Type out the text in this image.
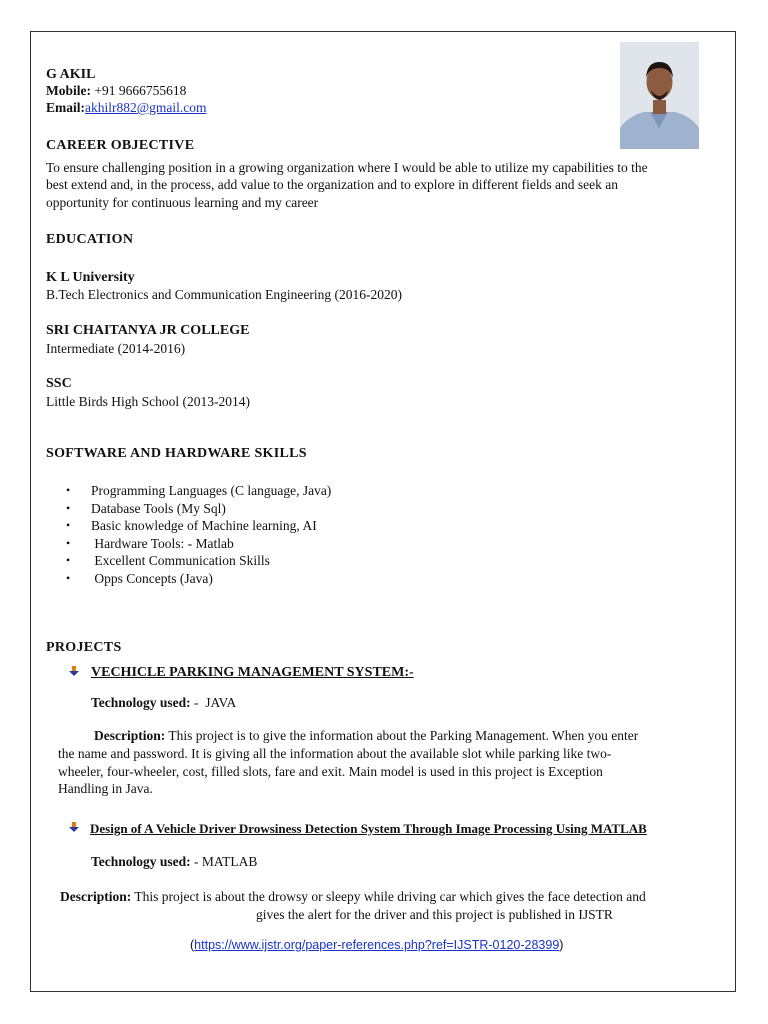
G AKIL
Mobile: +91 9666755618
Email:akhilr882@gmail.com
CAREER OBJECTIVE
To ensure challenging position in a growing organization where I would be able to utilize my capabilities to the
best extend and, in the process, add value to the organization and to explore in different fields and seek an
opportunity for continuous learning and my career
EDUCATION
K L University
B.Tech Electronics and Communication Engineering (2016-2020)
SRI CHAITANYA JR COLLEGE
Intermediate (2014-2016)
SSC
Little Birds High School (2013-2014)
SOFTWARE AND HARDWARE SKILLS
• Programming Languages (C language, Java)
• Database Tools (My Sql)
• Basic knowledge of Machine learning, AI
• Hardware Tools: - Matlab
• Excellent Communication Skills
• Opps Concepts (Java)
PROJECTS
VECHICLE PARKING MANAGEMENT SYSTEM:-
Technology used: -  JAVA
Description: This project is to give the information about the Parking Management. When you enter
the name and password. It is giving all the information about the available slot while parking like two-
wheeler, four-wheeler, cost, filled slots, fare and exit. Main model is used in this project is Exception
Handling in Java.
Design of A Vehicle Driver Drowsiness Detection System Through Image Processing Using MATLAB
Technology used: - MATLAB
Description: This project is about the drowsy or sleepy while driving car which gives the face detection and
gives the alert for the driver and this project is published in IJSTR
(https://www.ijstr.org/paper-references.php?ref=IJSTR-0120-28399)
